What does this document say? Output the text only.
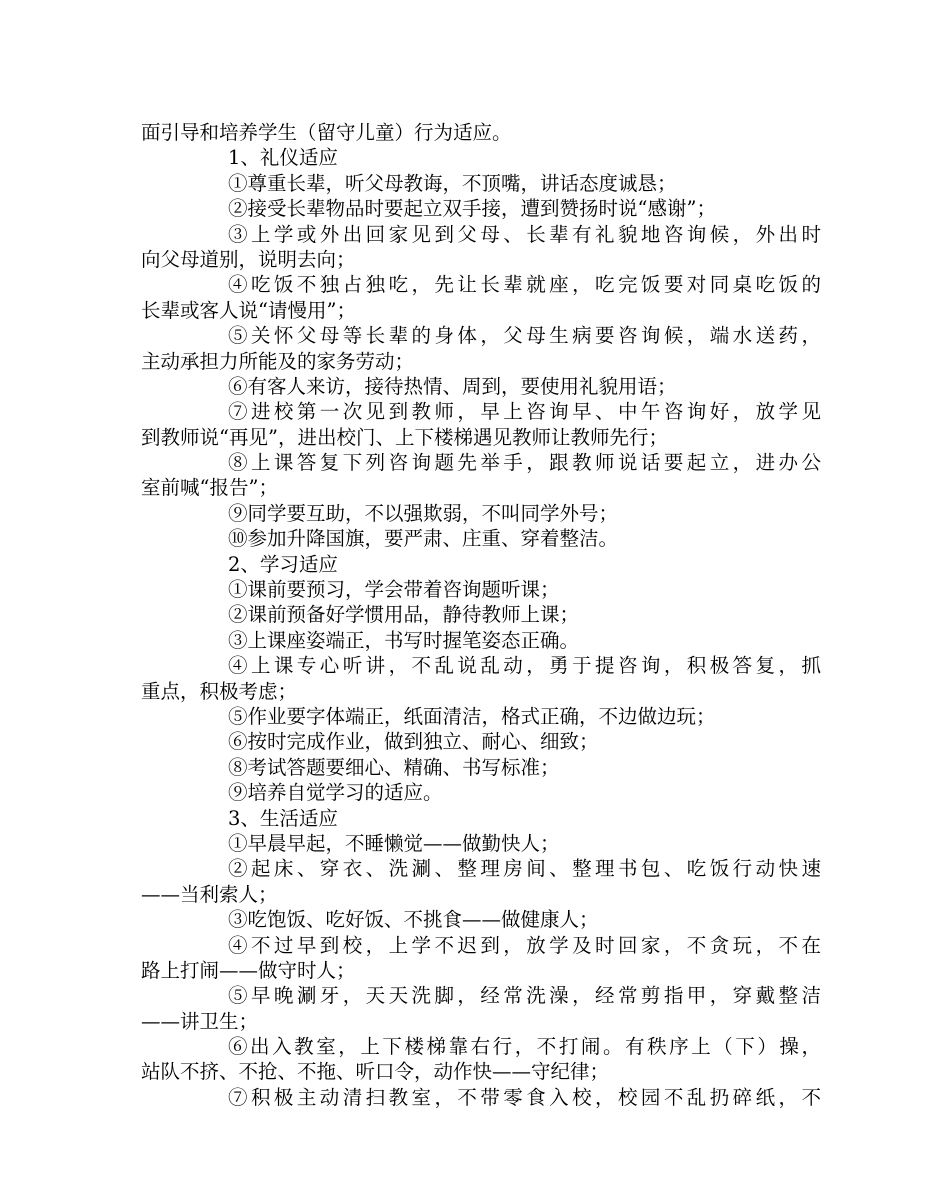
面引导和培养学生（留守儿童）行为适应。
1、礼仪适应
①尊重长辈，听父母教诲，不顶嘴，讲话态度诚恳；
②接受长辈物品时要起立双手接，遭到赞扬时说“感谢”；
③上学或外出回家见到父母、长辈有礼貌地咨询候，外出时
向父母道别，说明去向；
④吃饭不独占独吃，先让长辈就座，吃完饭要对同桌吃饭的
长辈或客人说“请慢用”；
⑤关怀父母等长辈的身体，父母生病要咨询候，端水送药，
主动承担力所能及的家务劳动；
⑥有客人来访，接待热情、周到，要使用礼貌用语；
⑦进校第一次见到教师，早上咨询早、中午咨询好，放学见
到教师说“再见”，进出校门、上下楼梯遇见教师让教师先行；
⑧上课答复下列咨询题先举手，跟教师说话要起立，进办公
室前喊“报告”；
⑨同学要互助，不以强欺弱，不叫同学外号；
⑩参加升降国旗，要严肃、庄重、穿着整洁。
2、学习适应
①课前要预习，学会带着咨询题听课；
②课前预备好学惯用品，静待教师上课；
③上课座姿端正，书写时握笔姿态正确。
④上课专心听讲，不乱说乱动，勇于提咨询，积极答复，抓
重点，积极考虑；
⑤作业要字体端正，纸面清洁，格式正确，不边做边玩；
⑥按时完成作业，做到独立、耐心、细致；
⑧考试答题要细心、精确、书写标准；
⑨培养自觉学习的适应。
3、生活适应
①早晨早起，不睡懒觉——做勤快人；
②起床、穿衣、洗涮、整理房间、整理书包、吃饭行动快速
——当利索人；
③吃饱饭、吃好饭、不挑食——做健康人；
④不过早到校，上学不迟到，放学及时回家，不贪玩，不在
路上打闹——做守时人；
⑤早晚涮牙，天天洗脚，经常洗澡，经常剪指甲，穿戴整洁
——讲卫生；
⑥出入教室，上下楼梯靠右行，不打闹。有秩序上（下）操，
站队不挤、不抢、不拖、听口令，动作快——守纪律；
⑦积极主动清扫教室，不带零食入校，校园不乱扔碎纸，不
